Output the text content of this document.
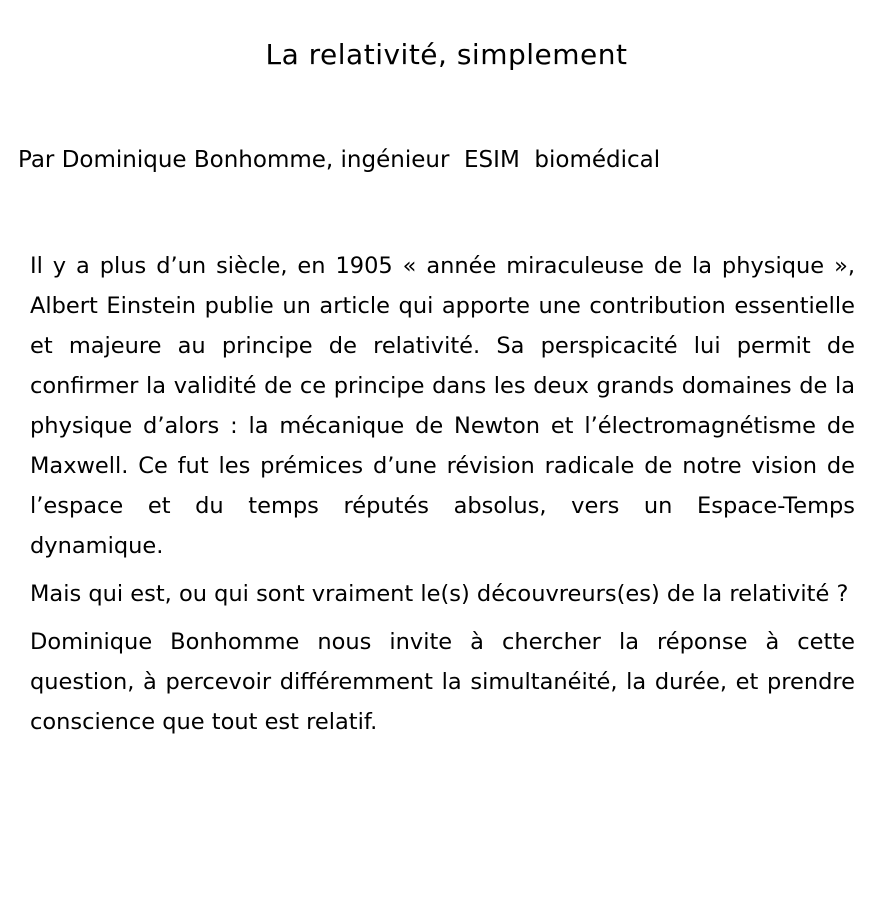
La relativité, simplement

Par Dominique Bonhomme, ingénieur  ESIM  biomédical

Il y a plus d’un siècle, en 1905 « année miraculeuse de la physique », Albert Einstein publie un article qui apporte une contribution essentielle et majeure au principe de relativité. Sa perspicacité lui permit de confirmer la validité de ce principe dans les deux grands domaines de la physique d’alors : la mécanique de Newton et l’électromagnétisme de Maxwell. Ce fut les prémices d’une révision radicale de notre vision de l’espace et du temps réputés absolus, vers un Espace-Temps dynamique.

Mais qui est, ou qui sont vraiment le(s) découvreurs(es) de la relativité ?

Dominique Bonhomme nous invite à chercher la réponse à cette question, à percevoir différemment la simultanéité, la durée, et prendre conscience que tout est relatif.
